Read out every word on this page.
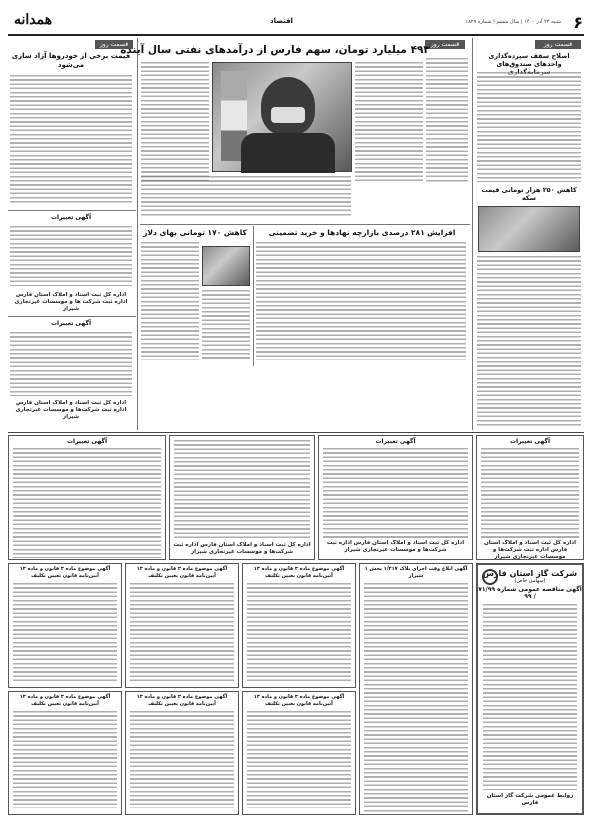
۶
شنبه ۲۴ آذر ۱۴۰۰ | سال ششم | شماره ۱۸۲۹
اقتصاد
همدانه
قسمت روز
قیمت برخی از خودروها آزاد سازی می‌شود
آگهی تغییرات
اداره کل ثبت اسناد و املاک استان فارس اداره ثبت شرکت ها و موسسات غیرتجاری شیراز
آگهی تغییرات
اداره کل ثبت اسناد و املاک استان فارس اداره ثبت شرکت‌ها و موسسات غیرتجاری شیراز
قسمت روز
۴۹۳ میلیارد تومان، سهم فارس از درآمدهای نفتی سال آینده
کاهش ۱۷۰ تومانی بهای دلار	افزایش ۲۸۱ درصدی بازارچه نهادها و خرید تضمینی
قسمت روز
اصلاح سقف سپرده‌گذاری واحدهای صندوق‌های سرمایه‌گذاری
کاهش ۲۵۰ هزار تومانی قیمت سکه
آگهی تغییرات
اداره کل ثبت اسناد و املاک استان فارس اداره ثبت شرکت‌ها و موسسات غیرتجاری شیراز
آگهی تغییرات
اداره کل ثبت اسناد و املاک استان فارس اداره ثبت شرکت‌ها و موسسات غیرتجاری شیراز
آگهی تغییرات
اداره کل ثبت اسناد و املاک استان فارس اداره ثبت شرکت‌ها و موسسات غیرتجاری شیراز
شرکت گاز استان فارس
(سهامی خاص)
آگهی مناقصه عمومی شماره ۷۱/۹۹ / ۹۹
روابط عمومی شرکت گاز استان فارس
آگهی موضوع ماده ۳ قانون و ماده ۱۳ آیین‌نامه قانون تعیین تکلیف
آگهی موضوع ماده ۳ قانون و ماده ۱۳ آیین‌نامه قانون تعیین تکلیف
آگهی موضوع ماده ۳ قانون و ماده ۱۳ آیین‌نامه قانون تعیین تکلیف
آگهی ابلاغ وقت اجرای پلاک ۱/۲۱۷ بخش ۱ شیراز
آگهی موضوع ماده ۳ قانون و ماده ۱۳ آیین‌نامه قانون تعیین تکلیف
آگهی موضوع ماده ۳ قانون و ماده ۱۳ آیین‌نامه قانون تعیین تکلیف
آگهی موضوع ماده ۳ قانون و ماده ۱۳ آیین‌نامه قانون تعیین تکلیف
